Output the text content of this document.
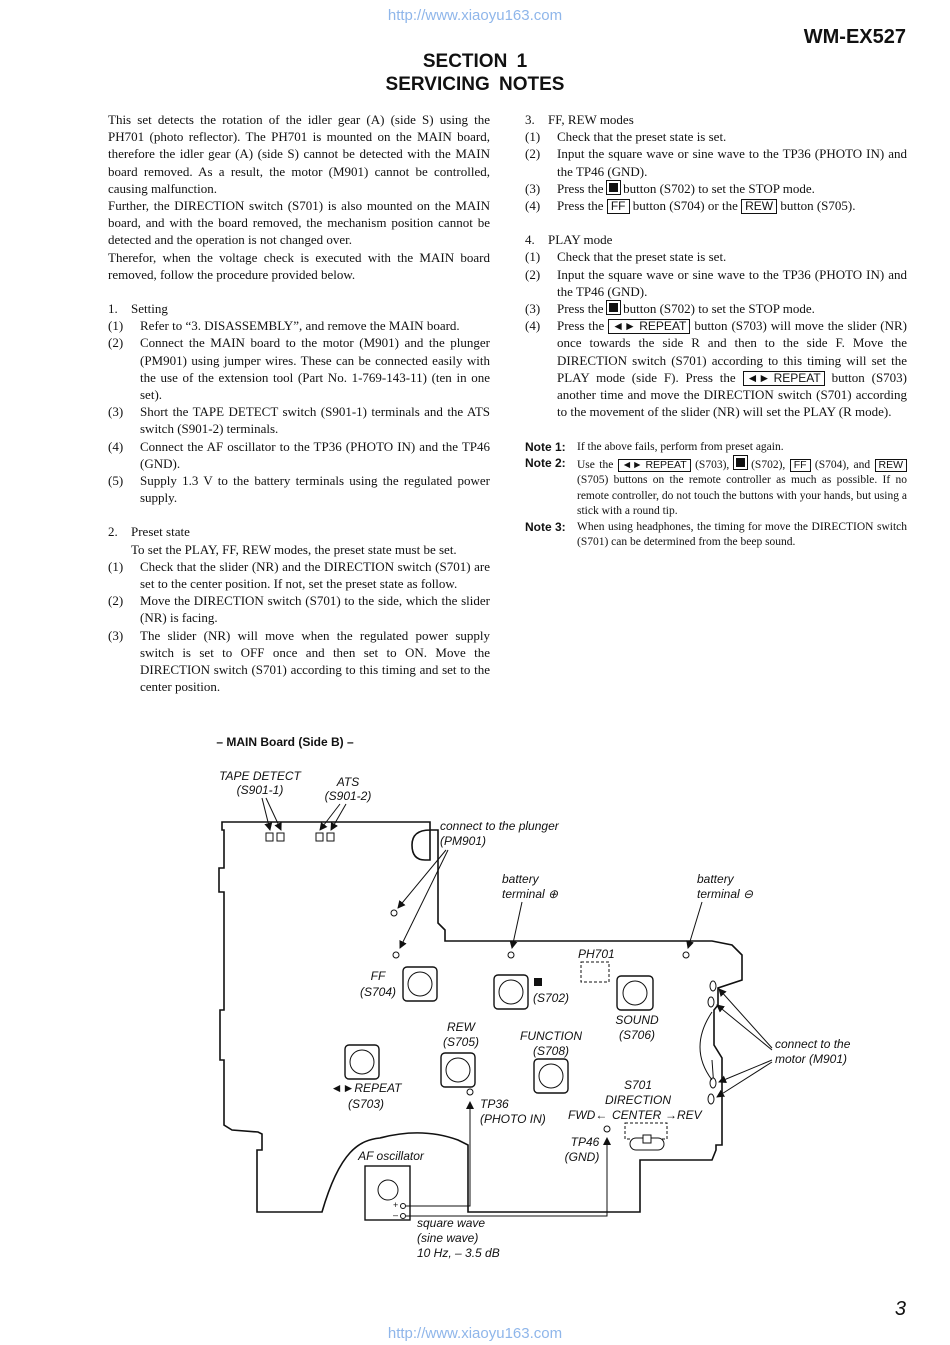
http://www.xiaoyu163.com
WM-EX527
SECTION 1
SERVICING NOTES

This set detects the rotation of the idler gear (A) (side S) using the PH701 (photo reflector). The PH701 is mounted on the MAIN board, therefore the idler gear (A) (side S) cannot be detected with the MAIN board removed. As a result, the motor (M901) cannot be controlled, causing malfunction.

Further, the DIRECTION switch (S701) is also mounted on the MAIN board, and with the board removed, the mechanism position cannot be detected and the operation is not changed over.

Therefor, when the voltage check is executed with the MAIN board removed, follow the procedure provided below.

1. Setting
(1) Refer to “3. DISASSEMBLY”, and remove the MAIN board.
(2) Connect the MAIN board to the motor (M901) and the plunger (PM901) using jumper wires. These can be connected easily with the use of the extension tool (Part No. 1-769-143-11) (ten in one set).
(3) Short the TAPE DETECT switch (S901-1) terminals and the ATS switch (S901-2) terminals.
(4) Connect the AF oscillator to the TP36 (PHOTO IN) and the TP46 (GND).
(5) Supply 1.3 V to the battery terminals using the regulated power supply.
2. Preset state
To set the PLAY, FF, REW modes, the preset state must be set.
(1) Check that the slider (NR) and the DIRECTION switch (S701) are set to the center position. If not, set the preset state as follow.
(2) Move the DIRECTION switch (S701) to the side, which the slider (NR) is facing.
(3) The slider (NR) will move when the regulated power supply switch is set to OFF once and then set to ON. Move the DIRECTION switch (S701) according to this timing and set to the center position.
3. FF, REW modes
(1) Check that the preset state is set.
(2) Input the square wave or sine wave to the TP36 (PHOTO IN) and the TP46 (GND).
(3) Press the button (S702) to set the STOP mode.
(4) Press the FF button (S704) or the REW button (S705).
4. PLAY mode
(1) Check that the preset state is set.
(2) Input the square wave or sine wave to the TP36 (PHOTO IN) and the TP46 (GND).
(3) Press the button (S702) to set the STOP mode.
(4) Press the ◄► REPEAT button (S703) will move the slider (NR) once towards the side R and then to the side F. Move the DIRECTION switch (S701) according to this timing will set the PLAY mode (side F). Press the ◄► REPEAT button (S703) another time and move the DIRECTION switch (S701) according to the movement of the slider (NR) will set the PLAY (R mode).
Note 1: If the above fails, perform from preset again.
Note 2: Use the ◄► REPEAT (S703), (S702), FF (S704), and REW (S705) buttons on the remote controller as much as possible. If no remote controller, do not touch the buttons with your hands, but using a stick with a round tip.
Note 3: When using headphones, the timing for move the DIRECTION switch (S701) can be determined from the beep sound.
– MAIN Board (Side B) –
TAPE DETECT
(S901-1)
ATS
(S901-2)
connect to the plunger
(PM901)
battery
terminal ⊕
battery
terminal ⊖
PH701
FF
(S704)	(S702)
SOUND
(S706)
◄►REPEAT
(S703)
REW
(S705)	FUNCTION
(S708)	connect to the
motor (M901)
TP36
(PHOTO IN)
TP46
(GND)
S701
DIRECTION
FWD← CENTER →REV
AF oscillator
+
–
square wave
(sine wave)
10 Hz, – 3.5 dB
3
http://www.xiaoyu163.com
